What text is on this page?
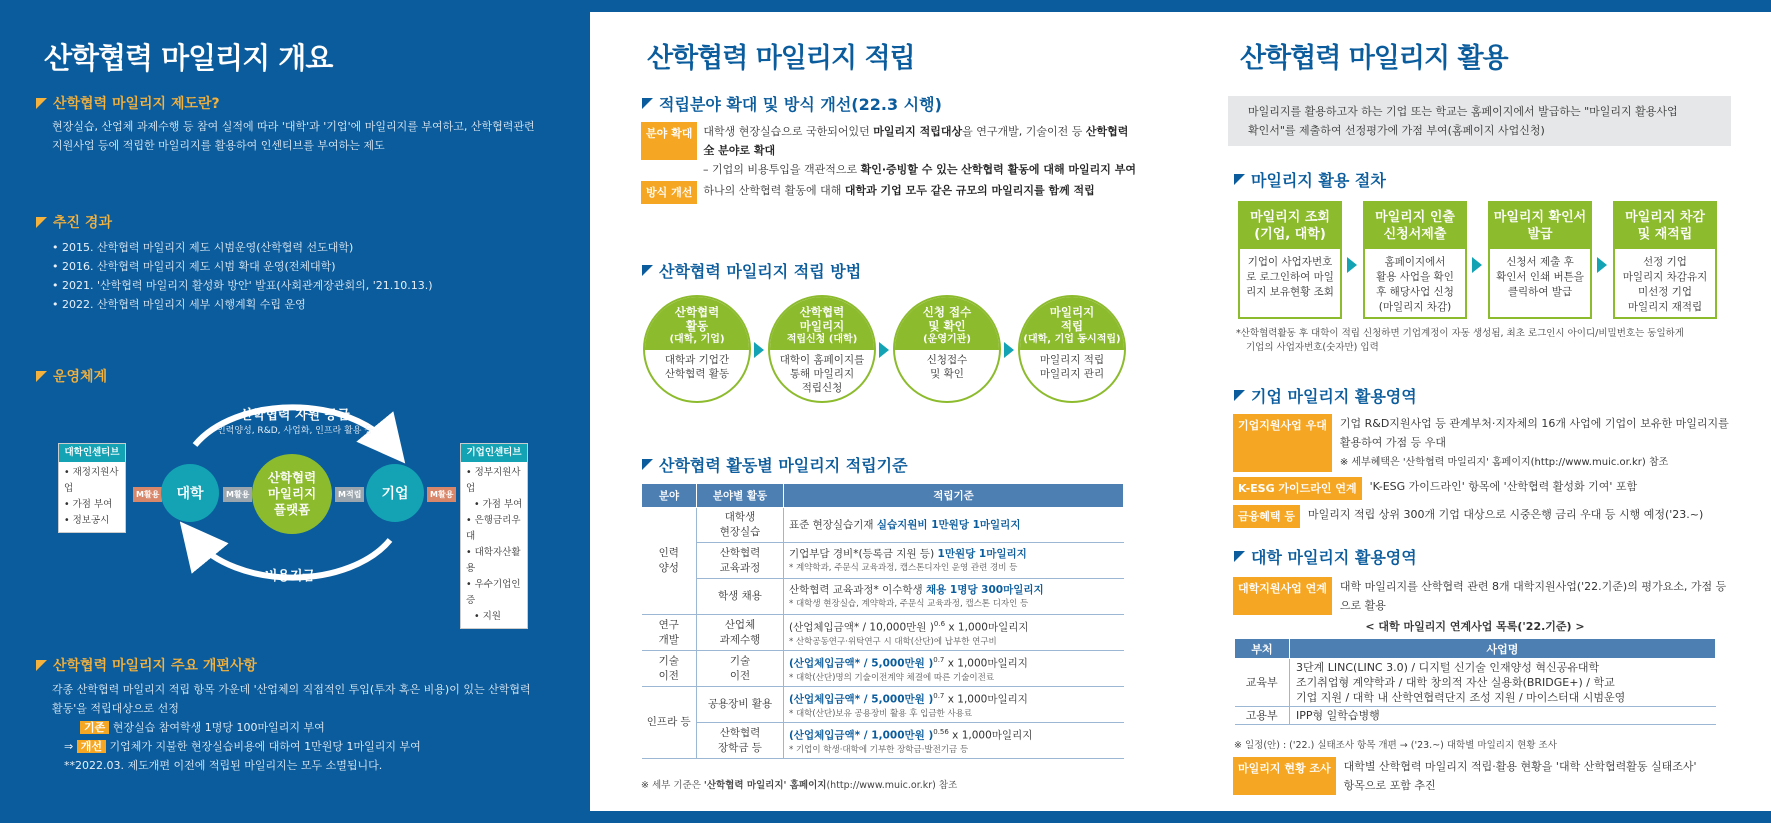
산학협력 마일리지 개요
산학협력 마일리지 제도란?
현장실습, 산업체 과제수행 등 참여 실적에 따라 '대학'과 '기업'에 마일리지를 부여하고, 산학협력관련
지원사업 등에 적립한 마일리지를 활용하여 인센티브를 부여하는 제도
추진 경과
• 2015. 산학협력 마일리지 제도 시범운영(산학협력 선도대학)
• 2016. 산학협력 마일리지 제도 시범 확대 운영(전체대학)
• 2021. '산학협력 마일리지 활성화 방안' 발표(사회관계장관회의, '21.10.13.)
• 2022. 산학협력 마일리지 세부 시행계획 수립 운영
운영체계
산학협력 자원 공급
인력양성, R&D, 사업화, 인프라 활용 등
비용지급
대학인센티브
• 재정지원사업
• 가점 부여
• 정보공시
M활용	대학	M활용
산학협력
마일리지
플랫폼
M적립	기업	M활용
기업인센티브
• 정부지원사업
• 가점 부여
• 은행금리우대
• 대학자산활용
• 우수기업인증
• 지원
산학협력 마일리지 주요 개편사항
각종 산학협력 마일리지 적립 항목 가운데 '산업체의 직접적인 투입(투자 혹은 비용)이 있는 산학협력
활동'을 적립대상으로 선정
기존 현장실습 참여학생 1명당 100마일리지 부여
⇒ 개선 기업체가 지불한 현장실습비용에 대하여 1만원당 1마일리지 부여
**2022.03. 제도개편 이전에 적립된 마일리지는 모두 소멸됩니다.
산학협력 마일리지 적립
적립분야 확대 및 방식 개선(22.3 시행)
분야 확대	대학생 현장실습으로 국한되어있던 마일리지 적립대상을 연구개발, 기술이전 등 산학협력
全 분야로 확대
– 기업의 비용투입을 객관적으로 확인·증빙할 수 있는 산학협력 활동에 대해 마일리지 부여
방식 개선	하나의 산학협력 활동에 대해 대학과 기업 모두 같은 규모의 마일리지를 함께 적립
산학협력 마일리지 적립 방법
산학협력
활동
(대학, 기업)
대학과 기업간
산학협력 활동
산학협력
마일리지
적립신청 (대학)
대학이 홈페이지를
통해 마일리지
적립신청
신청 접수
및 확인
(운영기관)
신청접수
및 확인
마일리지
적립
(대학, 기업 동시적립)
마일리지 적립
마일리지 관리
산학협력 활동별 마일리지 적립기준
분야	분야별 활동	적립기준
인력
양성	대학생
현장실습	표준 현장실습기재 실습지원비 1만원당 1마일리지
	산학협력
교육과정	기업부담 경비*(등록금 지원 등) 1만원당 1마일리지
* 계약학과, 주문식 교육과정, 캡스톤디자인 운영 관련 경비 등

	학생 채용	산학협력 교육과정* 이수학생 채용 1명당 300마일리지
* 대학생 현장실습, 계약학과, 주문식 교육과정, 캡스톤 디자인 등

연구
개발	산업체
과제수행	(산업체입금액* / 10,000만원 )$^{0.6}$ x 1,000마일리지
* 산학공동연구·위탁연구 시 대학(산단)에 납부한 연구비

기술
이전	기술
이전	(산업체입금액* / 5,000만원 )$^{0.7}$ x 1,000마일리지
* 대학(산단)명의 기술이전계약 체결에 따른 기술이전료

인프라 등	공용장비 활용	(산업체입금액* / 5,000만원 )$^{0.7}$ x 1,000마일리지
* 대학(산단)보유 공용장비 활용 후 입금한 사용료

	산학협력
장학금 등	(산업체입금액* / 1,000만원 )$^{0.56}$ x 1,000마일리지
* 기업이 학생·대학에 기부한 장학금·발전기금 등
※ 세부 기준은 '산학협력 마일리지' 홈페이지(http://www.muic.or.kr) 참조
산학협력 마일리지 활용
마일리지를 활용하고자 하는 기업 또는 학교는 홈페이지에서 발급하는 "마일리지 활용사업
확인서"를 제출하여 선정평가에 가점 부여(홈페이지 사업신청)
마일리지 활용 절차
마일리지 조회
(기업, 대학)
기업이 사업자번호
로 로그인하여 마일
리지 보유현황 조회
마일리지 인출
신청서제출
홈페이지에서
활용 사업을 확인
후 해당사업 신청
(마일리지 차감)
마일리지 확인서
발급
신청서 제출 후
확인서 인쇄 버튼을
클릭하여 발급
마일리지 차감
및 재적립
선정 기업
마일리지 차감유지
미선정 기업
마일리지 재적립
*산학협력활동 후 대학이 적립 신청하면 기업계정이 자동 생성됨, 최초 로그인시 아이디/비밀번호는 동일하게
기업의 사업자번호(숫자만) 입력
기업 마일리지 활용영역
기업지원사업 우대	기업 R&D지원사업 등 관계부처·지자체의 16개 사업에 기업이 보유한 마일리지를
활용하여 가점 등 우대
※ 세부혜택은 '산학협력 마일리지' 홈페이지(http://www.muic.or.kr) 참조
K-ESG 가이드라인 연계	'K-ESG 가이드라인' 항목에 '산학협력 활성화 기여' 포함
금융혜택 등	마일리지 적립 상위 300개 기업 대상으로 시중은행 금리 우대 등 시행 예정('23.~)
대학 마일리지 활용영역
대학지원사업 연계	대학 마일리지를 산학협력 관련 8개 대학지원사업('22.기준)의 평가요소, 가점 등
으로 활용
< 대학 마일리지 연계사업 목록('22.기준) >
부처	사업명
교육부	3단계 LINC(LINC 3.0) / 디지털 신기술 인재양성 혁신공유대학
조기취업형 계약학과 / 대학 창의적 자산 실용화(BRIDGE+) / 학교
기업 지원 / 대학 내 산학연협력단지 조성 지원 / 마이스터대 시범운영

고용부	IPP형 일학습병행
※ 일정(안) : ('22.) 실태조사 항목 개편 → ('23.~) 대학별 마일리지 현황 조사
마일리지 현황 조사	대학별 산학협력 마일리지 적립·활용 현황을 '대학 산학협력활동 실태조사'
항목으로 포함 추진
